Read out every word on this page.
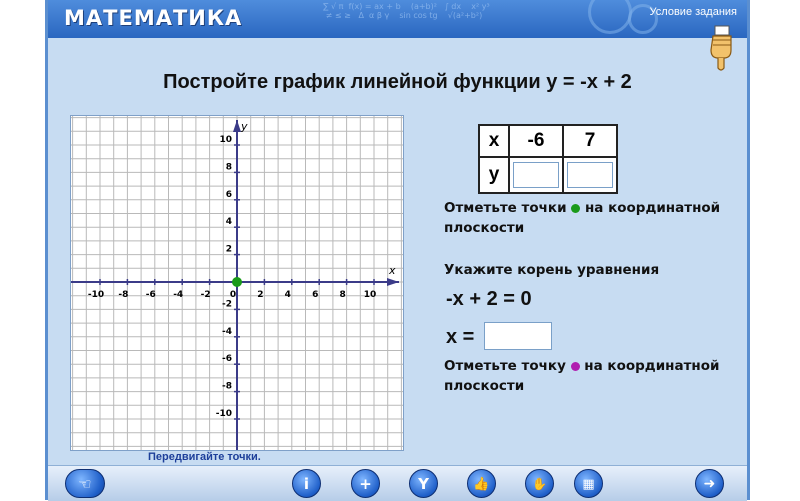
∑ √ π  f(x) = ax + b    (a+b)²   ∫ dx    x² y³
≠ ≤ ≥   Δ  α β γ    sin cos tg    √(a²+b²)
МАТЕМАТИКА	Условие задания
Постройте график линейной функции y = -x + 2
x
y
-10 -8 -6 -4 -2 0 2 4 6 8 10
2
4
6
8
10
-2
-4
-6
-8
-10
Передвигайте точки.
x	-6	7
y	

Отметьте точки на координатной плоскости
Укажите корень уравнения
-x + 2 = 0
x =
Отметьте точку на координатной плоскости
☜	i	+	Y	👍	✋	▦	➜
